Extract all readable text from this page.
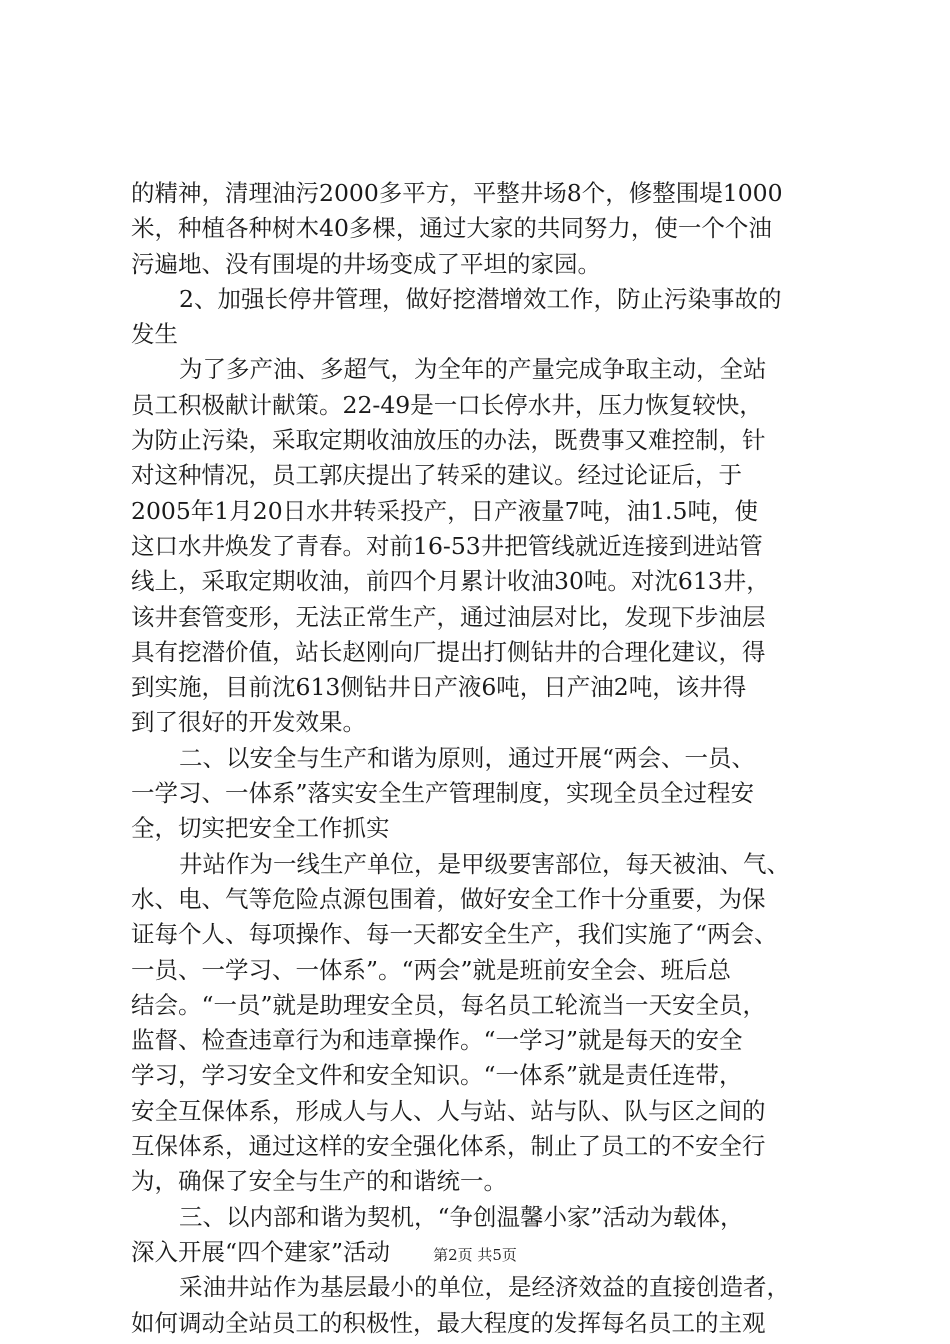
的精神，清理油污2000多平方，平整井场8个，修整围堤1000
米，种植各种树木40多棵，通过大家的共同努力，使一个个油
污遍地、没有围堤的井场变成了平坦的家园。
2、加强长停井管理，做好挖潜增效工作，防止污染事故的
发生
为了多产油、多超气，为全年的产量完成争取主动，全站
员工积极献计献策。22-49是一口长停水井，压力恢复较快，
为防止污染，采取定期收油放压的办法，既费事又难控制，针
对这种情况，员工郭庆提出了转采的建议。经过论证后，于
2005年1月20日水井转采投产，日产液量7吨，油1.5吨，使
这口水井焕发了青春。对前16-53井把管线就近连接到进站管
线上，采取定期收油，前四个月累计收油30吨。对沈613井，
该井套管变形，无法正常生产，通过油层对比，发现下步油层
具有挖潜价值，站长赵刚向厂提出打侧钻井的合理化建议，得
到实施，目前沈613侧钻井日产液6吨，日产油2吨，该井得
到了很好的开发效果。
二、以安全与生产和谐为原则，通过开展“两会、一员、
一学习、一体系”落实安全生产管理制度，实现全员全过程安
全，切实把安全工作抓实
井站作为一线生产单位，是甲级要害部位，每天被油、气、
水、电、气等危险点源包围着，做好安全工作十分重要，为保
证每个人、每项操作、每一天都安全生产，我们实施了“两会、
一员、一学习、一体系”。“两会”就是班前安全会、班后总
结会。“一员”就是助理安全员，每名员工轮流当一天安全员，
监督、检查违章行为和违章操作。“一学习”就是每天的安全
学习，学习安全文件和安全知识。“一体系”就是责任连带，
安全互保体系，形成人与人、人与站、站与队、队与区之间的
互保体系，通过这样的安全强化体系，制止了员工的不安全行
为，确保了安全与生产的和谐统一。
三、以内部和谐为契机，“争创温馨小家”活动为载体，
深入开展“四个建家”活动
采油井站作为基层最小的单位，是经济效益的直接创造者，
如何调动全站员工的积极性，最大程度的发挥每名员工的主观
第2页 共5页
